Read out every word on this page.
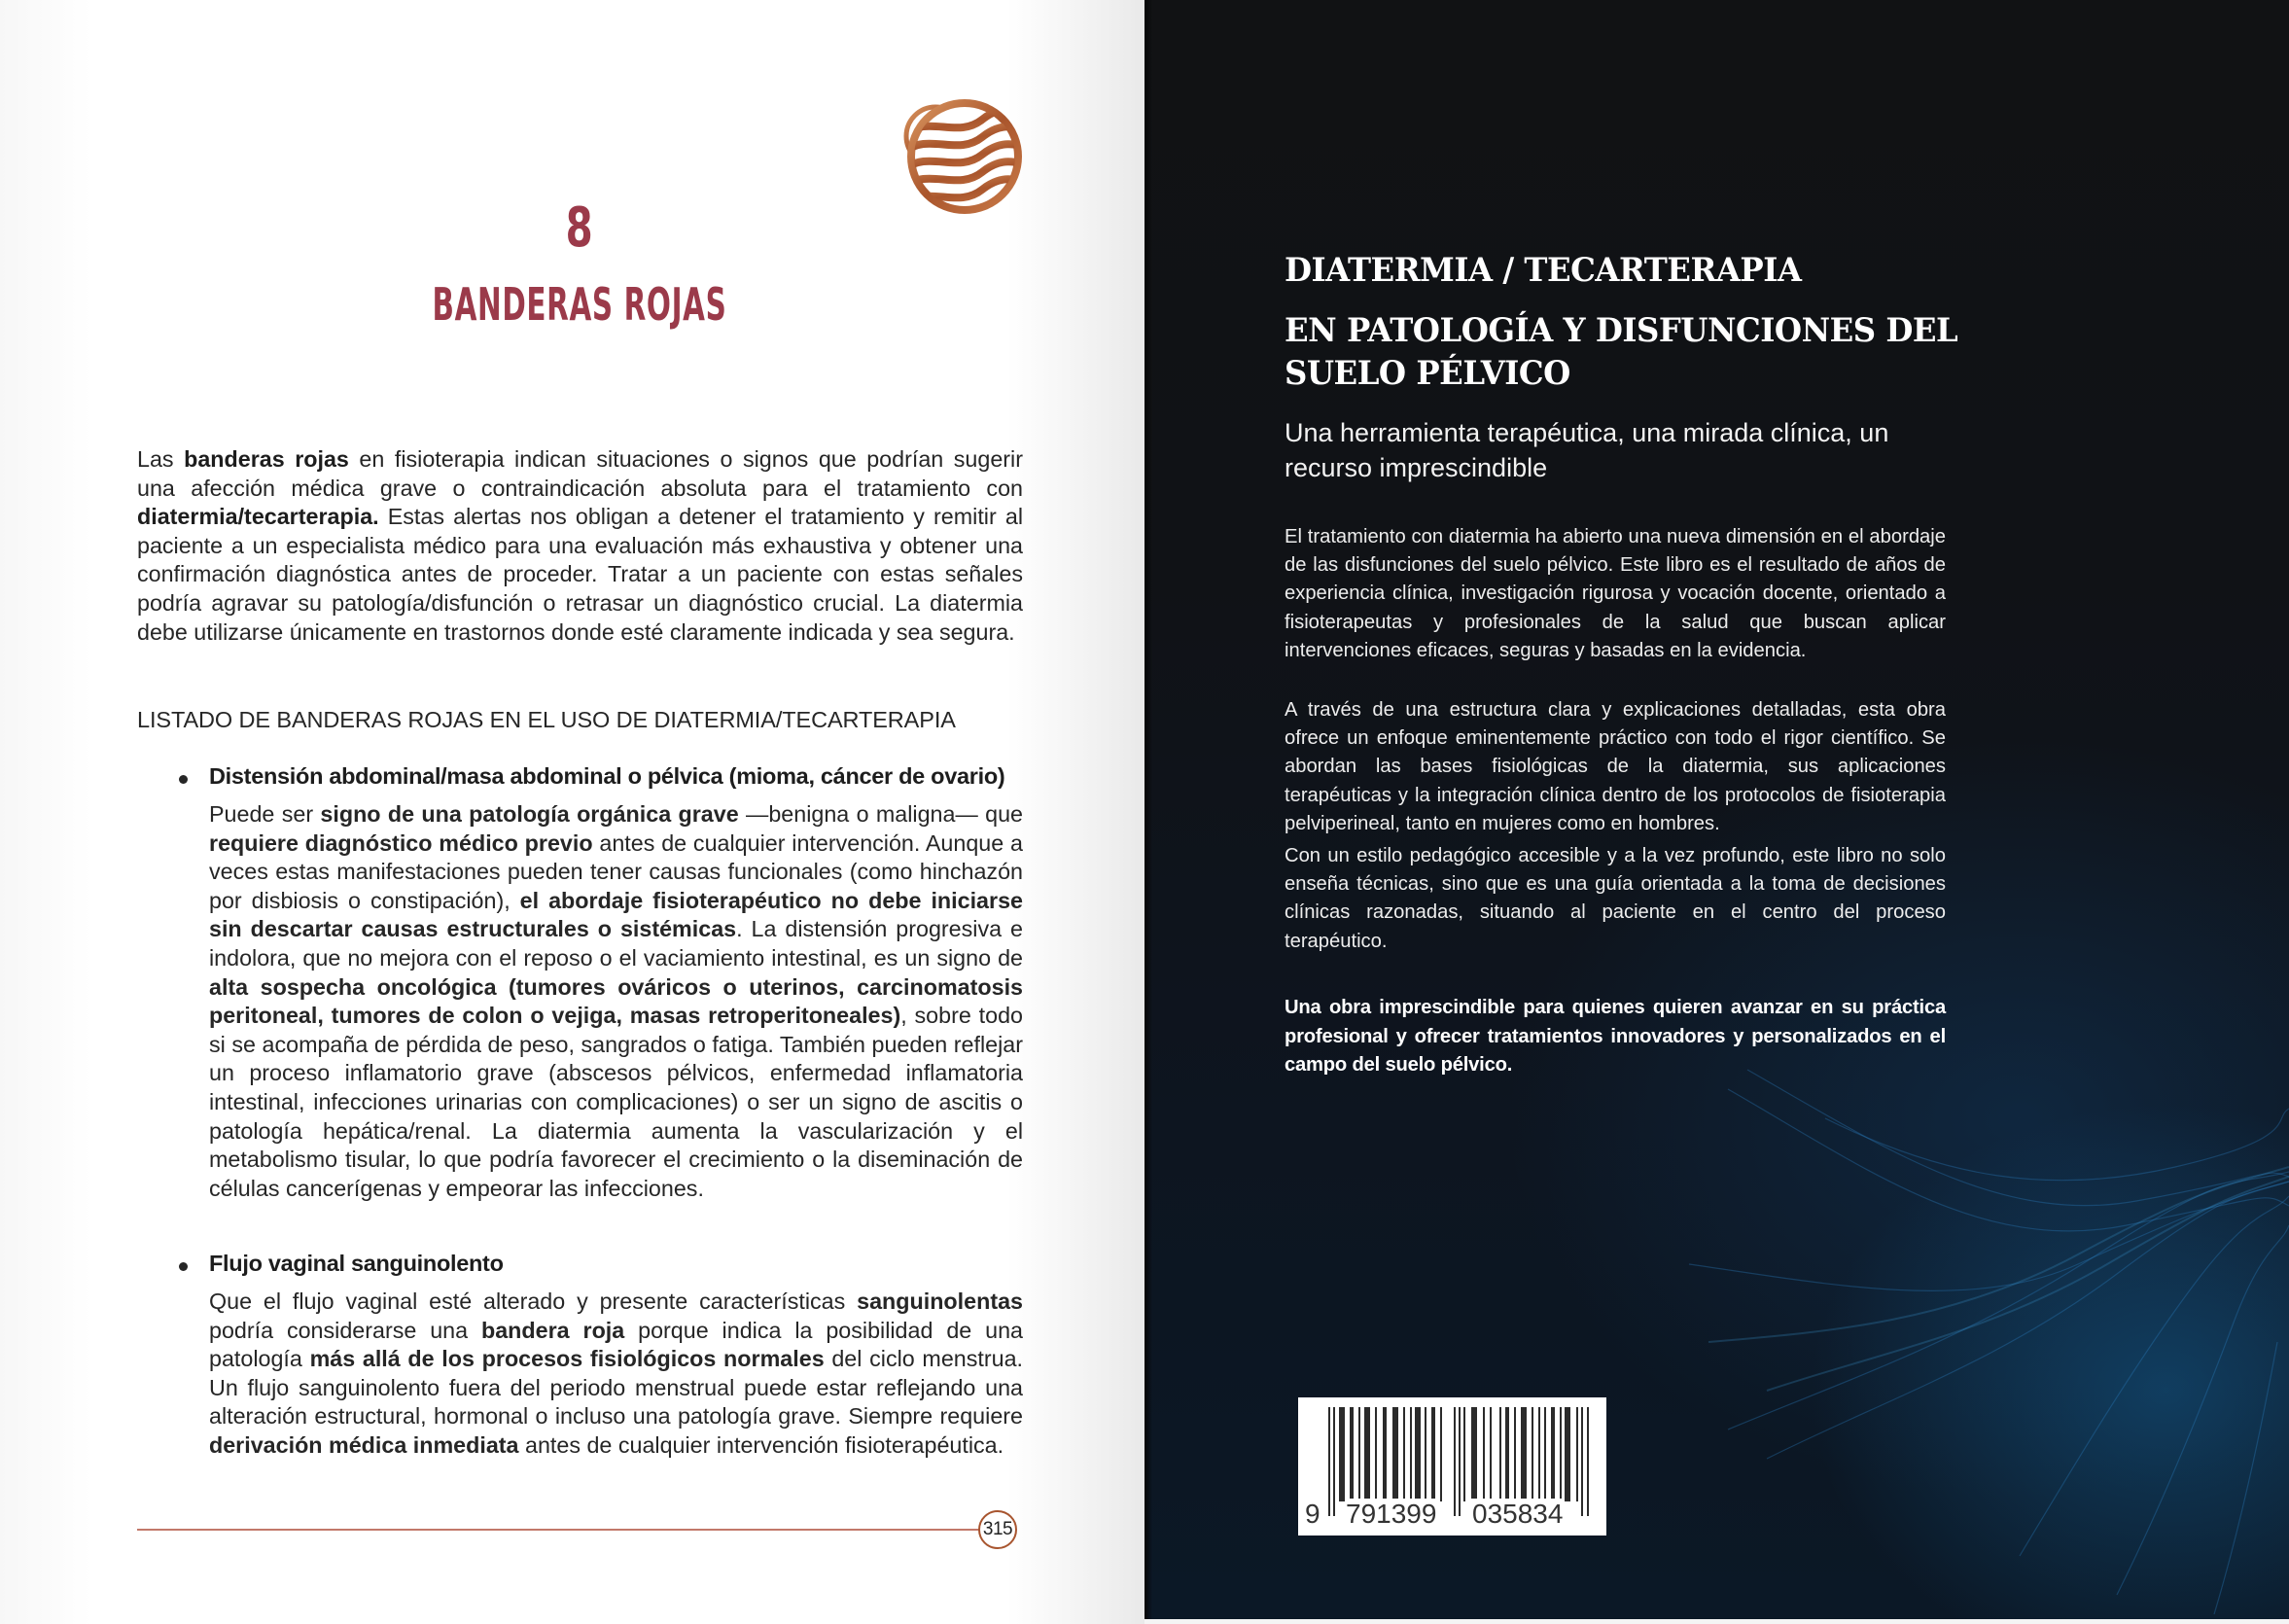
8
BANDERAS ROJAS
Las banderas rojas en fisioterapia indican situaciones o signos que podrían sugerir una afección médica grave o contraindicación absoluta para el tratamiento con diatermia/tecarterapia. Estas alertas nos obligan a detener el tratamiento y remitir al paciente a un especialista médico para una evaluación más exhaustiva y obtener una confirmación diagnóstica antes de proceder. Tratar a un paciente con estas señales podría agravar su patología/disfunción o retrasar un diagnóstico crucial. La diatermia debe utilizarse únicamente en trastornos donde esté claramente indicada y sea segura.
LISTADO DE BANDERAS ROJAS EN EL USO DE DIATERMIA/TECARTERAPIA
Distensión abdominal/masa abdominal o pélvica (mioma, cáncer de ovario)
Puede ser signo de una patología orgánica grave —benigna o maligna— que requiere diagnóstico médico previo antes de cualquier intervención. Aunque a veces estas manifestaciones pueden tener causas funcionales (como hinchazón por disbiosis o constipación), el abordaje fisioterapéutico no debe iniciarse sin descartar causas estructurales o sistémicas. La distensión progresiva e indolora, que no mejora con el reposo o el vaciamiento intestinal, es un signo de alta sospecha oncológica (tumores ováricos o uterinos, carcinomatosis peritoneal, tumores de colon o vejiga, masas retroperitoneales), sobre todo si se acompaña de pérdida de peso, sangrados o fatiga. También pueden reflejar un proceso inflamatorio grave (abscesos pélvicos, enfermedad inflamatoria intestinal, infecciones urinarias con complicaciones) o ser un signo de ascitis o patología hepática/renal. La diatermia aumenta la vascularización y el metabolismo tisular, lo que podría favorecer el crecimiento o la diseminación de células cancerígenas y empeorar las infecciones.
Flujo vaginal sanguinolento
Que el flujo vaginal esté alterado y presente características sanguinolentas podría considerarse una bandera roja porque indica la posibilidad de una patología más allá de los procesos fisiológicos normales del ciclo menstrua. Un flujo sanguinolento fuera del periodo menstrual puede estar reflejando una alteración estructural, hormonal o incluso una patología grave. Siempre requiere derivación médica inmediata antes de cualquier intervención fisioterapéutica.
315
DIATERMIA / TECARTERAPIA
EN PATOLOGÍA Y DISFUNCIONES DEL SUELO PÉLVICO
Una herramienta terapéutica, una mirada clínica, un recurso imprescindible
El tratamiento con diatermia ha abierto una nueva dimensión en el abordaje de las disfunciones del suelo pélvico. Este libro es el resultado de años de experiencia clínica, investigación rigurosa y vocación docente, orientado a fisioterapeutas y profesionales de la salud que buscan aplicar intervenciones eficaces, seguras y basadas en la evidencia.
A través de una estructura clara y explicaciones detalladas, esta obra ofrece un enfoque eminentemente práctico con todo el rigor científico. Se abordan las bases fisiológicas de la diatermia, sus aplicaciones terapéuticas y la integración clínica dentro de los protocolos de fisioterapia pelviperineal, tanto en mujeres como en hombres.
Con un estilo pedagógico accesible y a la vez profundo, este libro no solo enseña técnicas, sino que es una guía orientada a la toma de decisiones clínicas razonadas, situando al paciente en el centro del proceso terapéutico.
Una obra imprescindible para quienes quieren avanzar en su práctica profesional y ofrecer tratamientos innovadores y personalizados en el campo del suelo pélvico.
9 791399 035834
